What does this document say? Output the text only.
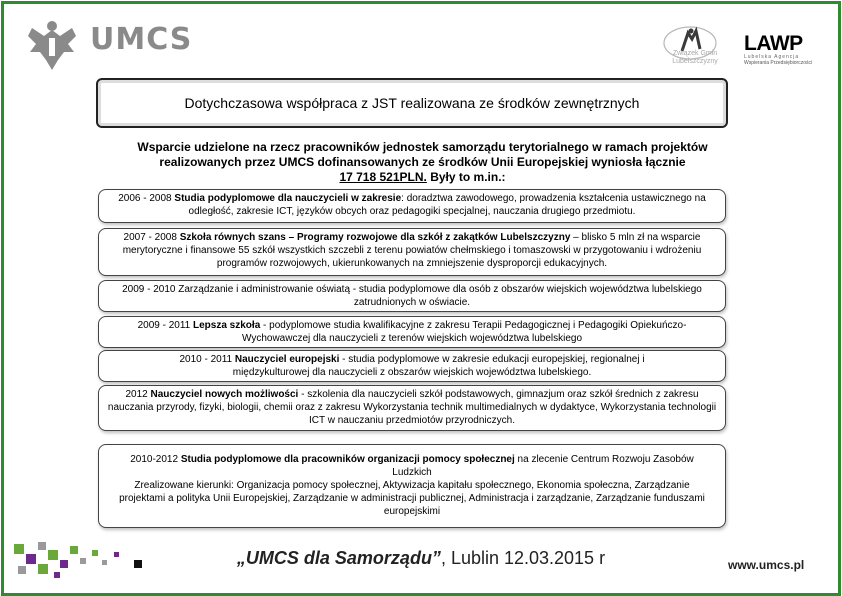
UMCS	Związek Gmin Lubelszczyzny
LAWP
Lubelska Agencja
Wspierania Przedsiębiorczości
Dotychczasowa współpraca z JST realizowana ze środków zewnętrznych
Wsparcie udzielone na rzecz pracowników jednostek samorządu terytorialnego w ramach projektów realizowanych przez UMCS dofinansowanych ze środków Unii Europejskiej wyniosła łącznie
17 718 521PLN. Były to m.in.:
2006 - 2008 Studia podyplomowe dla nauczycieli w zakresie: doradztwa zawodowego, prowadzenia kształcenia ustawicznego na odległość, zakresie ICT, języków obcych oraz pedagogiki specjalnej, nauczania drugiego przedmiotu.
2007 - 2008 Szkoła równych szans – Programy rozwojowe dla szkół z zakątków Lubelszczyzny – blisko 5 mln zł na wsparcie merytoryczne i finansowe 55 szkół wszystkich szczebli z terenu powiatów chełmskiego i tomaszowski w przygotowaniu i wdrożeniu programów rozwojowych, ukierunkowanych na zmniejszenie dysproporcji edukacyjnych.
2009 - 2010 Zarządzanie i administrowanie oświatą - studia podyplomowe dla osób z obszarów wiejskich województwa lubelskiego zatrudnionych w oświacie.
2009 - 2011 Lepsza szkoła - podyplomowe studia kwalifikacyjne z zakresu Terapii Pedagogicznej i Pedagogiki Opiekuńczo-Wychowawczej dla nauczycieli z terenów wiejskich województwa lubelskiego
2010 - 2011 Nauczyciel europejski - studia podyplomowe w zakresie edukacji europejskiej, regionalnej i międzykulturowej dla nauczycieli z obszarów wiejskich województwa lubelskiego.
2012 Nauczyciel nowych możliwości - szkolenia dla nauczycieli szkół podstawowych, gimnazjum oraz szkół średnich z zakresu nauczania przyrody, fizyki, biologii, chemii oraz z zakresu Wykorzystania technik multimedialnych w dydaktyce, Wykorzystania technologii ICT w nauczaniu przedmiotów przyrodniczych.
2010-2012 Studia podyplomowe dla pracowników organizacji pomocy społecznej na zlecenie Centrum Rozwoju Zasobów Ludzkich
Zrealizowane kierunki: Organizacja pomocy społecznej, Aktywizacja kapitału społecznego, Ekonomia społeczna, Zarządzanie projektami a polityka Unii Europejskiej, Zarządzanie w administracji publicznej, Administracja i zarządzanie, Zarządzanie funduszami europejskimi
„UMCS dla Samorządu”, Lublin 12.03.2015 r	www.umcs.pl
